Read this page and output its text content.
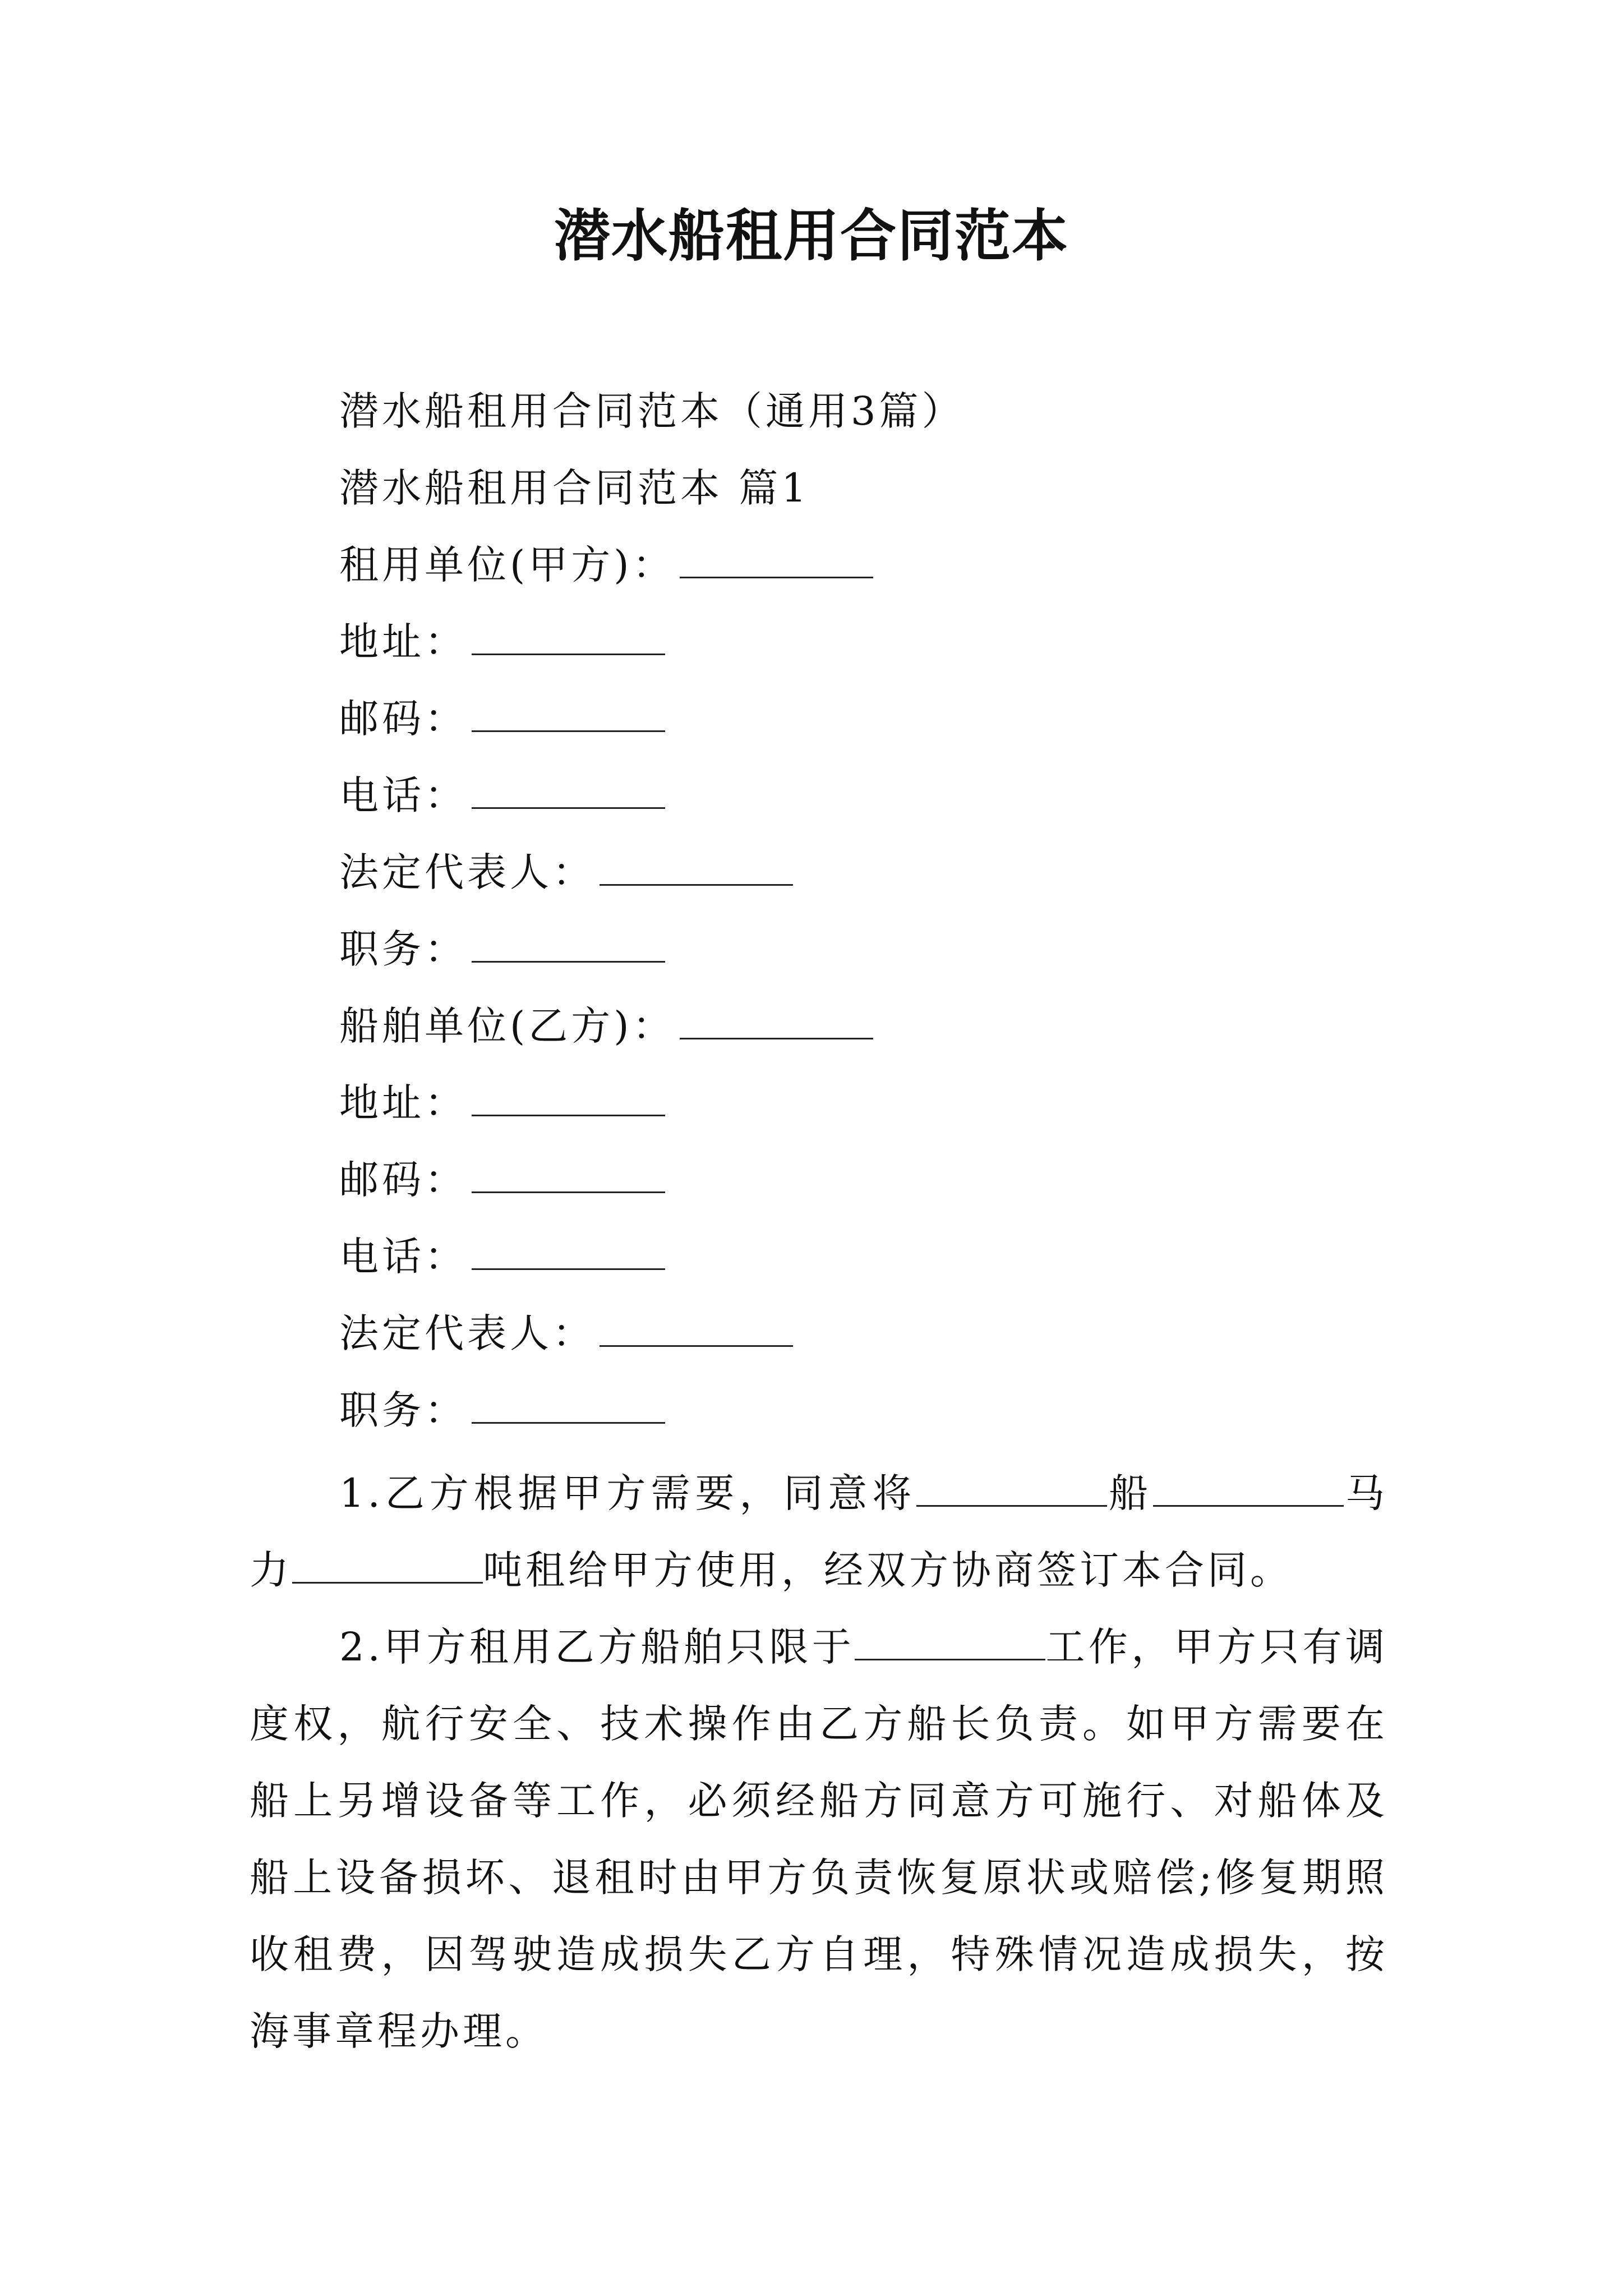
潜水船租用合同范本
潜水船租用合同范本（通用3篇）
潜水船租用合同范本 篇1
租用单位(甲方)：
地址：
邮码：
电话：
法定代表人：
职务：
船舶单位(乙方)：
地址：
邮码：
电话：
法定代表人：
职务：

1.乙方根据甲方需要，同意将	船	马力	吨租给甲方使用，经双方协商签订本合同。

2.甲方租用乙方船舶只限于	工作，甲方只有调度权，航行安全、技术操作由乙方船长负责。如甲方需要在船上另增设备等工作，必须经船方同意方可施行、对船体及船上设备损坏、退租时由甲方负责恢复原状或赔偿;修复期照收租费，因驾驶造成损失乙方自理，特殊情况造成损失，按海事章程办理。
